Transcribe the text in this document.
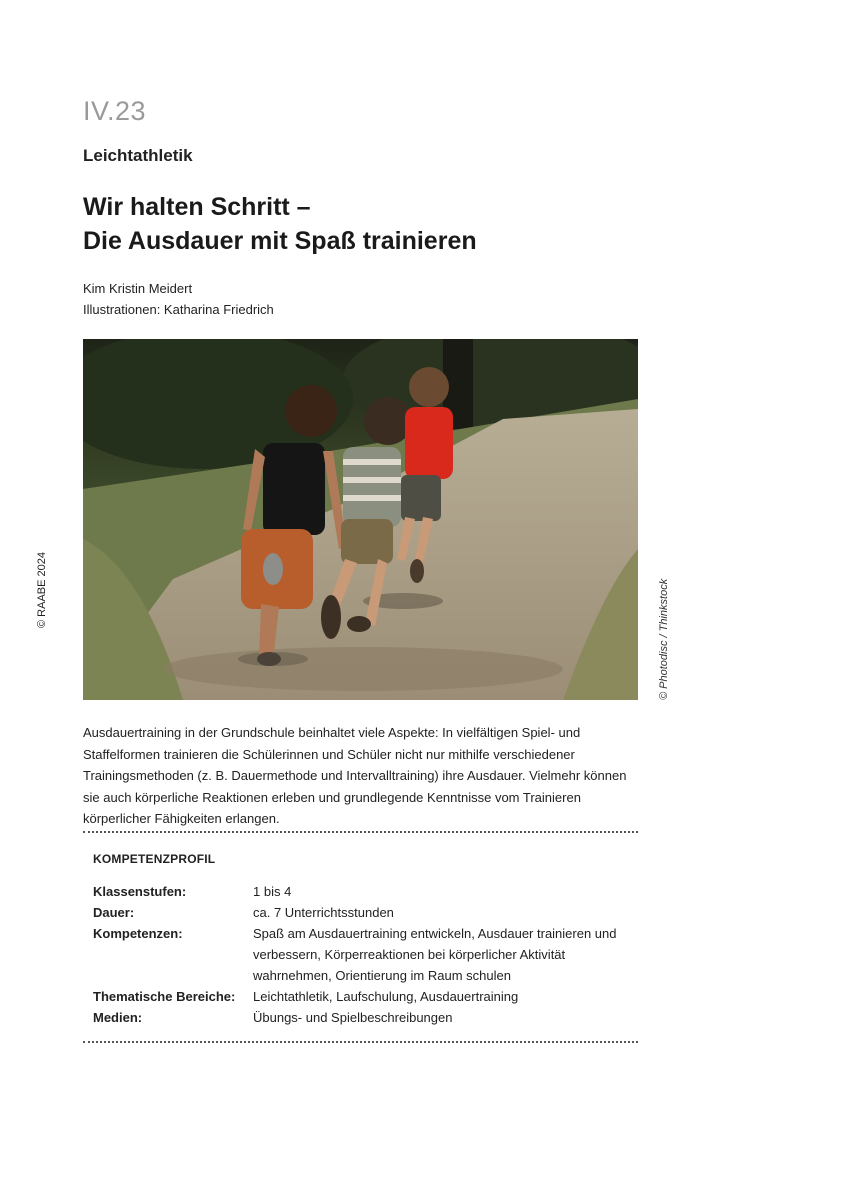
IV.23
Leichtathletik
Wir halten Schritt –
Die Ausdauer mit Spaß trainieren
Kim Kristin Meidert
Illustrationen: Katharina Friedrich
© RAABE 2024	© Photodisc / Thinkstock
Ausdauertraining in der Grundschule beinhaltet viele Aspekte: In vielfältigen Spiel- und Staffelformen trainieren die Schülerinnen und Schüler nicht nur mithilfe verschiedener Trainingsmethoden (z. B. Dauermethode und Intervalltraining) ihre Ausdauer. Vielmehr können sie auch körperliche Reaktionen erleben und grundlegende Kenntnisse vom Trainieren körperlicher Fähigkeiten erlangen.
KOMPETENZPROFIL
Klassenstufen:	1 bis 4
Dauer:	ca. 7 Unterrichtsstunden
Kompetenzen:	Spaß am Ausdauertraining entwickeln, Ausdauer trainieren und verbessern, Körperreaktionen bei körperlicher Aktivität wahrnehmen, Orientierung im Raum schulen
Thematische Bereiche:	Leichtathletik, Laufschulung, Ausdauertraining
Medien:	Übungs- und Spielbeschreibungen
